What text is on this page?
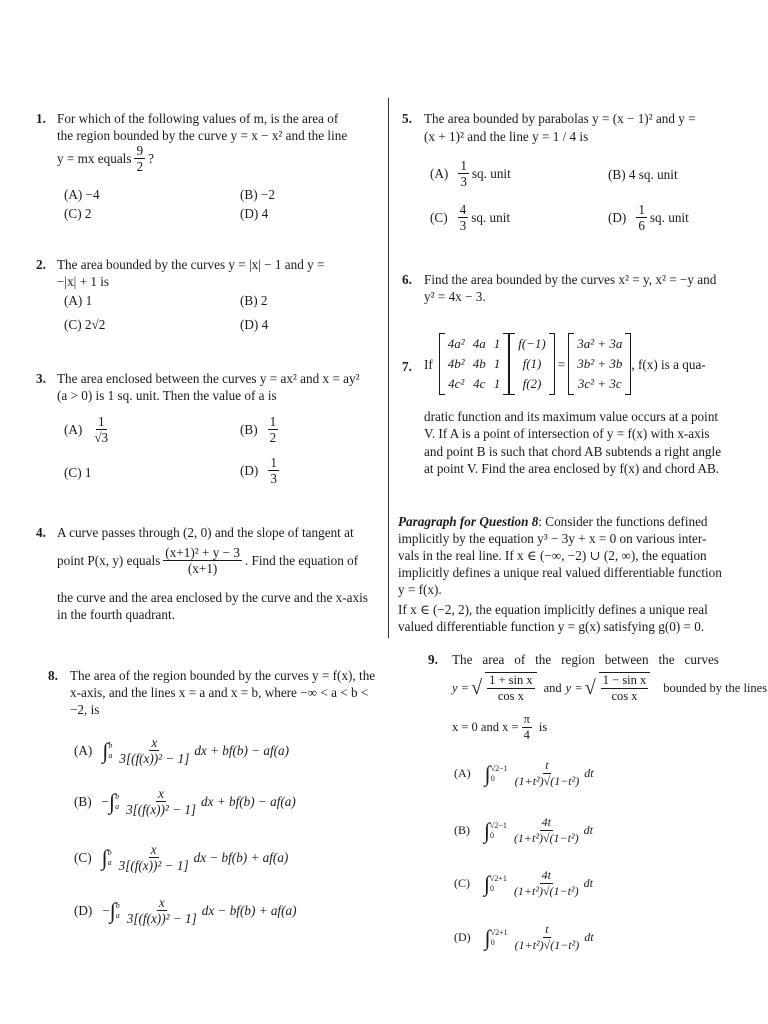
1. For which of the following values of m, is the area of
the region bounded by the curve y = x − x² and the line
y = mx equals $\frac{9}{2}$ ?
(A) −4	(B) −2
(C) 2	(D) 4
2. The area bounded by the curves y = |x| − 1 and y =
−|x| + 1 is
(A) 1	(B) 2
(C) 2√2	(D) 4
3. The area enclosed between the curves y = ax² and x = ay²
(a > 0) is 1 sq. unit. Then the value of a is
$(A) \frac{1}{√3}$	$(B) \frac{1}{2}$
(C) 1	$(D) \frac{1}{3}$
4. A curve passes through (2, 0) and the slope of tangent at
point P(x, y) equals $\frac{\text{(x+1)² + y − 3}}{(x+1)}$ . Find the equation of
the curve and the area enclosed by the curve and the x-axis
in the fourth quadrant.
5. The area bounded by parabolas y = (x − 1)² and y =
(x + 1)² and the line y = 1 / 4 is
$(A) \frac{1}{3}$ sq. unit	(B) 4 sq. unit
$(C) \frac{4}{3}$ sq. unit	$(D) \frac{1}{6}$ sq. unit
6. Find the area bounded by the curves x² = y, x² = −y and
y² = 4x − 3.
7. If
4a²	4a	1
4b²	4b	1
4c²	4c	1
f(−1)
f(1)
f(2)
=
3a² + 3a
3b² + 3b
3c² + 3c
, f(x) is a qua-
dratic function and its maximum value occurs at a point
V. If A is a point of intersection of y = f(x) with x-axis
and point B is such that chord AB subtends a right angle
at point V. Find the area enclosed by f(x) and chord AB.
Paragraph for Question 8: Consider the functions defined
implicitly by the equation y³ − 3y + x = 0 on various inter-
vals in the real line. If x ∈ (−∞, −2) ∪ (2, ∞), the equation
implicitly defines a unique real valued differentiable function
y = f(x).
If x ∈ (−2, 2), the equation implicitly defines a unique real
valued differentiable function y = g(x) satisfying g(0) = 0.
8. The area of the region bounded by the curves y = f(x), the
x-axis, and the lines x = a and x = b, where −∞ < a < b <
−2, is
(A) ∫ b
a $\frac{x}{\text{3[(f(x))² − 1]}}$ dx + bf(b) − af(a)
(B) − ∫ b
a $\frac{x}{\text{3[(f(x))² − 1]}}$ dx + bf(b) − af(a)
(C) ∫ b
a $\frac{x}{\text{3[(f(x))² − 1]}}$ dx − bf(b) + af(a)
(D) − ∫ b
a $\frac{x}{\text{3[(f(x))² − 1]}}$ dx − bf(b) + af(a)
9. The   area   of   the   region   between   the   curves
y = √ $\frac{\text{1 + sin x}}{\text{cos x}}$ and y = √ $\frac{\text{1 − sin x}}{\text{cos x}}$ bounded by the lines
x = 0 and $x = \frac{\pi}{4}$ is
(A) ∫ √2−1
0	$\frac{t}{\text{(1+t²)√(1−t²)}}$ dt
(B) ∫ √2−1
0	$\frac{4t}{\text{(1+t²)√(1−t²)}}$ dt
(C) ∫ √2+1
0	$\frac{4t}{\text{(1+t²)√(1−t²)}}$ dt
(D) ∫ √2+1
0	$\frac{t}{\text{(1+t²)√(1−t²)}}$ dt
